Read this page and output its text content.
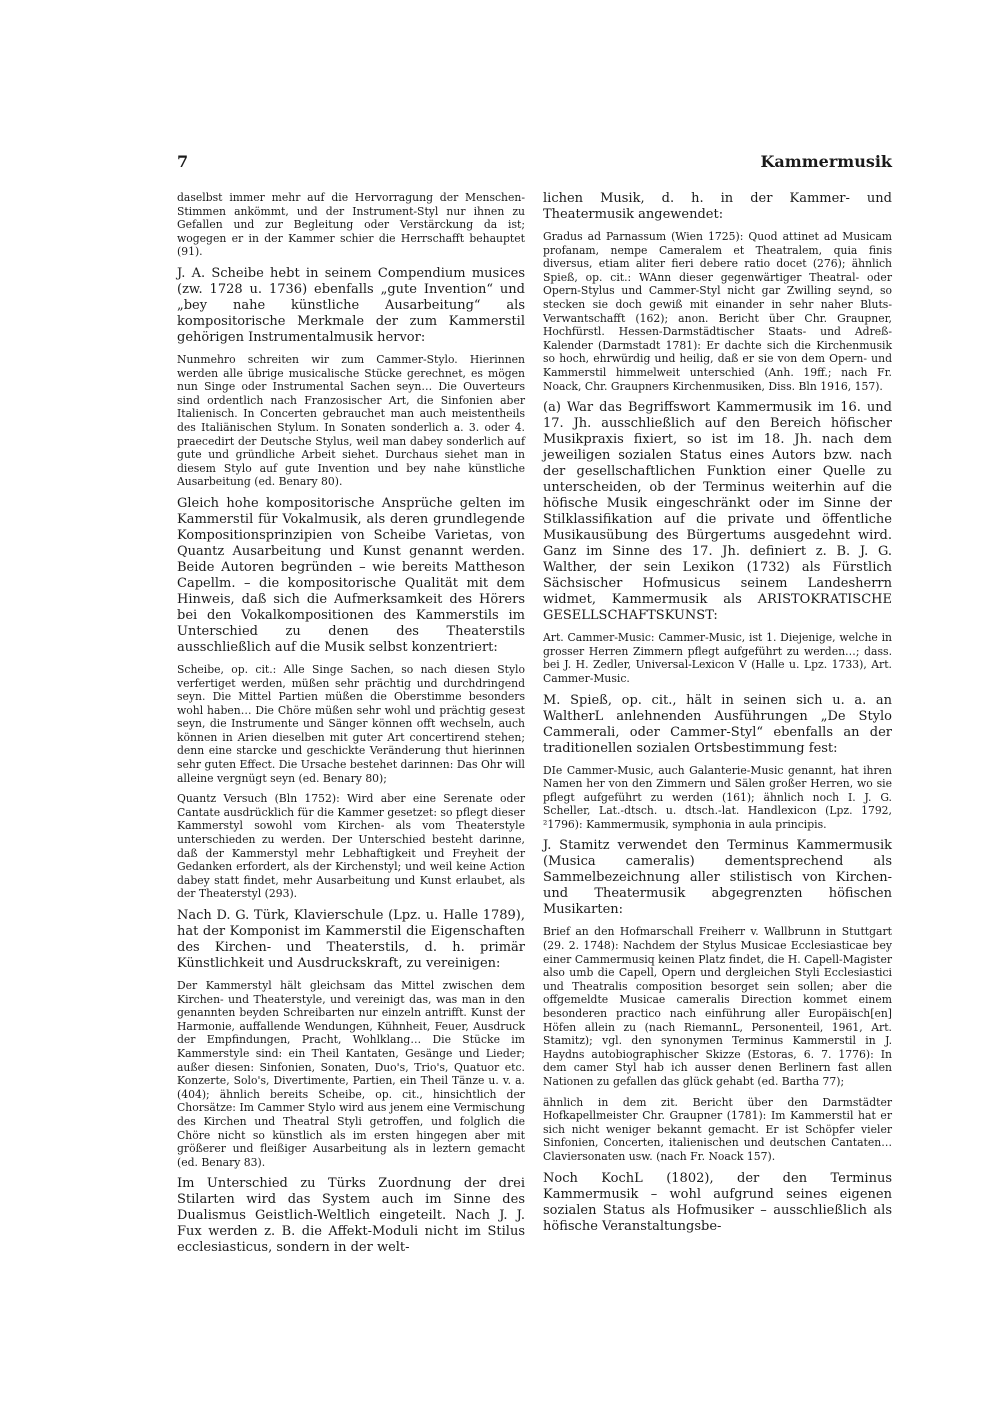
7	Kammermusik

daselbst immer mehr auf die Hervorragung der Menschen-Stimmen ankömmt, und der Instrument-Styl nur ihnen zu Gefallen und zur Begleitung oder Verstärckung da ist; wogegen er in der Kammer schier die Herrschafft behauptet (91).

J. A. Scheibe hebt in seinem Compendium musices (zw. 1728 u. 1736) ebenfalls „gute Invention“ und „bey nahe künstliche Ausarbeitung“ als kompositorische Merkmale der zum Kammerstil gehörigen Instrumentalmusik hervor:

Nunmehro schreiten wir zum Cammer-Stylo. Hierinnen werden alle übrige musicalische Stücke gerechnet, es mögen nun Singe oder Instrumental Sachen seyn… Die Ouverteurs sind ordentlich nach Franzosischer Art, die Sinfonien aber Italienisch. In Concerten gebrauchet man auch meistentheils des Italiänischen Stylum. In Sonaten sonderlich a. 3. oder 4. praecedirt der Deutsche Stylus, weil man dabey sonderlich auf gute und gründliche Arbeit siehet. Durchaus siehet man in diesem Stylo auf gute Invention und bey nahe künstliche Ausarbeitung (ed. Benary 80).

Gleich hohe kompositorische Ansprüche gelten im Kammerstil für Vokalmusik, als deren grundlegende Kompositionsprinzipien von Scheibe Varietas, von Quantz Ausarbeitung und Kunst genannt werden. Beide Autoren begründen – wie bereits Mattheson Capellm. – die kompositorische Qualität mit dem Hinweis, daß sich die Aufmerksamkeit des Hörers bei den Vokalkompositionen des Kammerstils im Unterschied zu denen des Theaterstils ausschließlich auf die Musik selbst konzentriert:

Scheibe, op. cit.: Alle Singe Sachen, so nach diesen Stylo verfertiget werden, müßen sehr prächtig und durchdringend seyn. Die Mittel Partien müßen die Oberstimme besonders wohl haben… Die Chöre müßen sehr wohl und prächtig geseзt seyn, die Instrumente und Sänger können offt wechseln, auch können in Arien dieselben mit guter Art concertirend stehen; denn eine starcke und geschickte Veränderung thut hierinnen sehr guten Effect. Die Ursache bestehet darinnen: Das Ohr will alleine vergnügt seyn (ed. Benary 80);

Quantz Versuch (Bln 1752): Wird aber eine Serenate oder Cantate ausdrücklich für die Kammer gesetzet: so pflegt dieser Kammerstyl sowohl vom Kirchen- als vom Theaterstyle unterschieden zu werden. Der Unterschied besteht darinne, daß der Kammerstyl mehr Lebhaftigkeit und Freyheit der Gedanken erfordert, als der Kirchenstyl; und weil keine Action dabey statt findet, mehr Ausarbeitung und Kunst erlaubet, als der Theaterstyl (293).

Nach D. G. Türk, Klavierschule (Lpz. u. Halle 1789), hat der Komponist im Kammerstil die Eigenschaften des Kirchen- und Theaterstils, d. h. primär Künstlichkeit und Ausdruckskraft, zu vereinigen:

Der Kammerstyl hält gleichsam das Mittel zwischen dem Kirchen- und Theaterstyle, und vereinigt das, was man in den genannten beyden Schreibarten nur einzeln antrifft. Kunst der Harmonie, auffallende Wendungen, Kühnheit, Feuer, Ausdruck der Empfindungen, Pracht, Wohlklang… Die Stücke im Kammerstyle sind: ein Theil Kantaten, Gesänge und Lieder; außer diesen: Sinfonien, Sonaten, Duo's, Trio's, Quatuor etc. Konzerte, Solo's, Divertimente, Partien, ein Theil Tänze u. v. a. (404); ähnlich bereits Scheibe, op. cit., hinsichtlich der Chorsätze: Im Cammer Stylo wird aus jenem eine Vermischung des Kirchen und Theatral Styli getroffen, und folglich die Chöre nicht so künstlich als im ersten hingegen aber mit größerer und fleißiger Ausarbeitung als in leztern gemacht (ed. Benary 83).

Im Unterschied zu Türks Zuordnung der drei Stilarten wird das System auch im Sinne des Dualismus Geistlich-Weltlich eingeteilt. Nach J. J. Fux werden z. B. die Affekt-Moduli nicht im Stilus ecclesiasticus, sondern in der welt-

lichen Musik, d. h. in der Kammer- und Theatermusik angewendet:

Gradus ad Parnassum (Wien 1725): Quod attinet ad Musicam profanam, nempe Cameralem et Theatralem, quia finis diversus, etiam aliter fieri debere ratio docet (276); ähnlich Spieß, op. cit.: WAnn dieser gegenwärtiger Theatral- oder Opern-Stylus und Cammer-Styl nicht gar Zwilling seynd, so stecken sie doch gewiß mit einander in sehr naher Bluts-Verwantschafft (162); anon. Bericht über Chr. Graupner, Hochfürstl. Hessen-Darmstädtischer Staats- und Adreß-Kalender (Darmstadt 1781): Er dachte sich die Kirchenmusik so hoch, ehrwürdig und heilig, daß er sie von dem Opern- und Kammerstil himmelweit unterschied (Anh. 19ff.; nach Fr. Noack, Chr. Graupners Kirchenmusiken, Diss. Bln 1916, 157).

(a) War das Begriffswort Kammermusik im 16. und 17. Jh. ausschließlich auf den Bereich höfischer Musikpraxis fixiert, so ist im 18. Jh. nach dem jeweiligen sozialen Status eines Autors bzw. nach der gesellschaftlichen Funktion einer Quelle zu unterscheiden, ob der Terminus weiterhin auf die höfische Musik eingeschränkt oder im Sinne der Stilklassifikation auf die private und öffentliche Musikausübung des Bürgertums ausgedehnt wird. Ganz im Sinne des 17. Jh. definiert z. B. J. G. Walther, der sein Lexikon (1732) als Fürstlich Sächsischer Hofmusicus seinem Landesherrn widmet, Kammermusik als ARISTOKRATISCHE GESELLSCHAFTSKUNST:

Art. Cammer-Music: Cammer-Music, ist 1. Diejenige, welche in grosser Herren Zimmern pflegt aufgeführt zu werden…; dass. bei J. H. Zedler, Universal-Lexicon V (Halle u. Lpz. 1733), Art. Cammer-Music.

M. Spieß, op. cit., hält in seinen sich u. a. an WaltherL anlehnenden Ausführungen „De Stylo Cammerali, oder Cammer-Styl“ ebenfalls an der traditionellen sozialen Ortsbestimmung fest:

DIe Cammer-Music, auch Galanterie-Music genannt, hat ihren Namen her von den Zimmern und Sälen großer Herren, wo sie pflegt aufgeführt zu werden (161); ähnlich noch I. J. G. Scheller, Lat.-dtsch. u. dtsch.-lat. Handlexicon (Lpz. 1792, ²1796): Kammermusik, symphonia in aula principis.

J. Stamitz verwendet den Terminus Kammermusik (Musica cameralis) dementsprechend als Sammelbezeichnung aller stilistisch von Kirchen- und Theatermusik abgegrenzten höfischen Musikarten:

Brief an den Hofmarschall Freiherr v. Wallbrunn in Stuttgart (29. 2. 1748): Nachdem der Stylus Musicae Ecclesiasticae bey einer Cammermusiq keinen Platz findet, die H. Capell-Magister also umb die Capell, Opern und dergleichen Styli Ecclesiastici und Theatralis composition besorget sein sollen; aber die offgemeldte Musicae cameralis Direction kommet einem besonderen practico nach einführung aller Europäisch[en] Höfen allein zu (nach RiemannL, Personenteil, 1961, Art. Stamitz); vgl. den synonymen Terminus Kammerstil in J. Haydns autobiographischer Skizze (Estoras, 6. 7. 1776): In dem camer Styl hab ich ausser denen Berlinern fast allen Nationen zu gefallen das glück gehabt (ed. Bartha 77);

ähnlich in dem zit. Bericht über den Darmstädter Hofkapellmeister Chr. Graupner (1781): Im Kammerstil hat er sich nicht weniger bekannt gemacht. Er ist Schöpfer vieler Sinfonien, Concerten, italienischen und deutschen Cantaten… Claviersonaten usw. (nach Fr. Noack 157).

Noch KochL (1802), der den Terminus Kammermusik – wohl aufgrund seines eigenen sozialen Status als Hofmusiker – ausschließlich als höfische Veranstaltungsbe-
